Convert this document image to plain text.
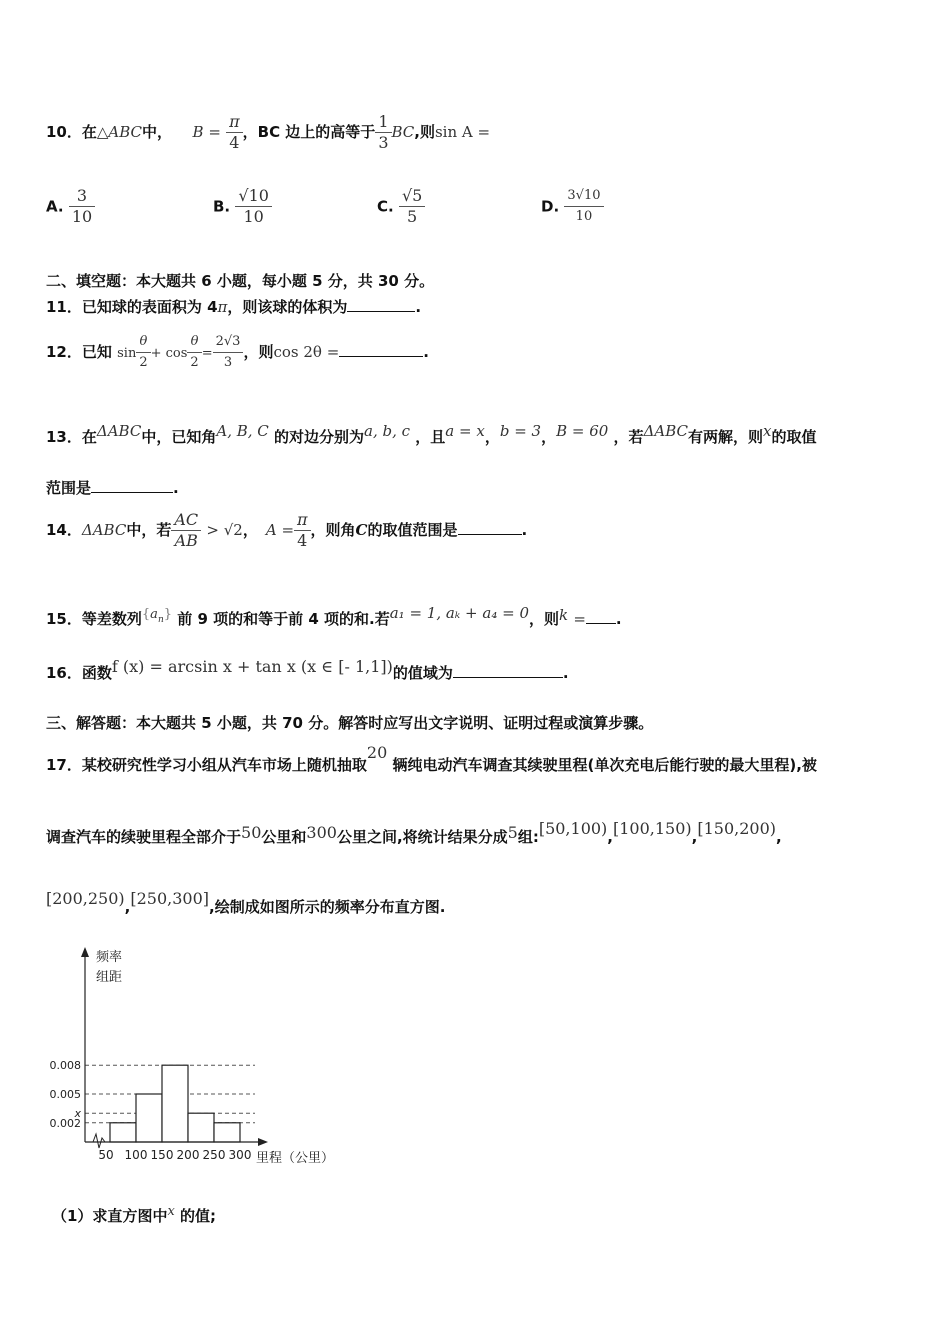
10．在△ABC中， $B = \frac{\pi}{4}$ ，BC 边上的高等于 $\frac{1}{3}$ BC,则sin A =
A. $\frac{3}{10}$	B. $\frac{√10}{10}$	C. $\frac{√5}{5}$	D. $\frac{3√10}{10}$
二、填空题：本大题共 6 小题，每小题 5 分，共 30 分。
11．已知球的表面积为 4π，则该球的体积为	.
12．已知 $\sin \frac{\theta}{2} + \cos \frac{\theta}{2} = \frac{2√3}{3}$ ，则cos 2θ =	.
13．在ΔABC中，已知角A, B, C 的对边分别为a, b, c ，且a = x，b = 3，B = 60 ，若ΔABC有两解，则x的取值
范围是	.
14．ΔABC中，若 $\frac{AC}{AB} > √2$， $A = \frac{\pi}{4}$ ，则角C的取值范围是	.
15．等差数列{an} 前 9 项的和等于前 4 项的和.若a₁ = 1, aₖ + a₄ = 0，则k = .
16．函数f (x) = arcsin x + tan x (x ∈ [- 1,1])的值域为	.
三、解答题：本大题共 5 小题，共 70 分。解答时应写出文字说明、证明过程或演算步骤。
17．某校研究性学习小组从汽车市场上随机抽取20 辆纯电动汽车调查其续驶里程(单次充电后能行驶的最大里程),被
调查汽车的续驶里程全部介于50公里和300公里之间,将统计结果分成5组:[50,100),[100,150),[150,200),
[200,250),[250,300],绘制成如图所示的频率分布直方图.
0.008
0.005
x
0.002
50 100 150 200 250 300
频率
组距
里程（公里）
（1）求直方图中x 的值;
